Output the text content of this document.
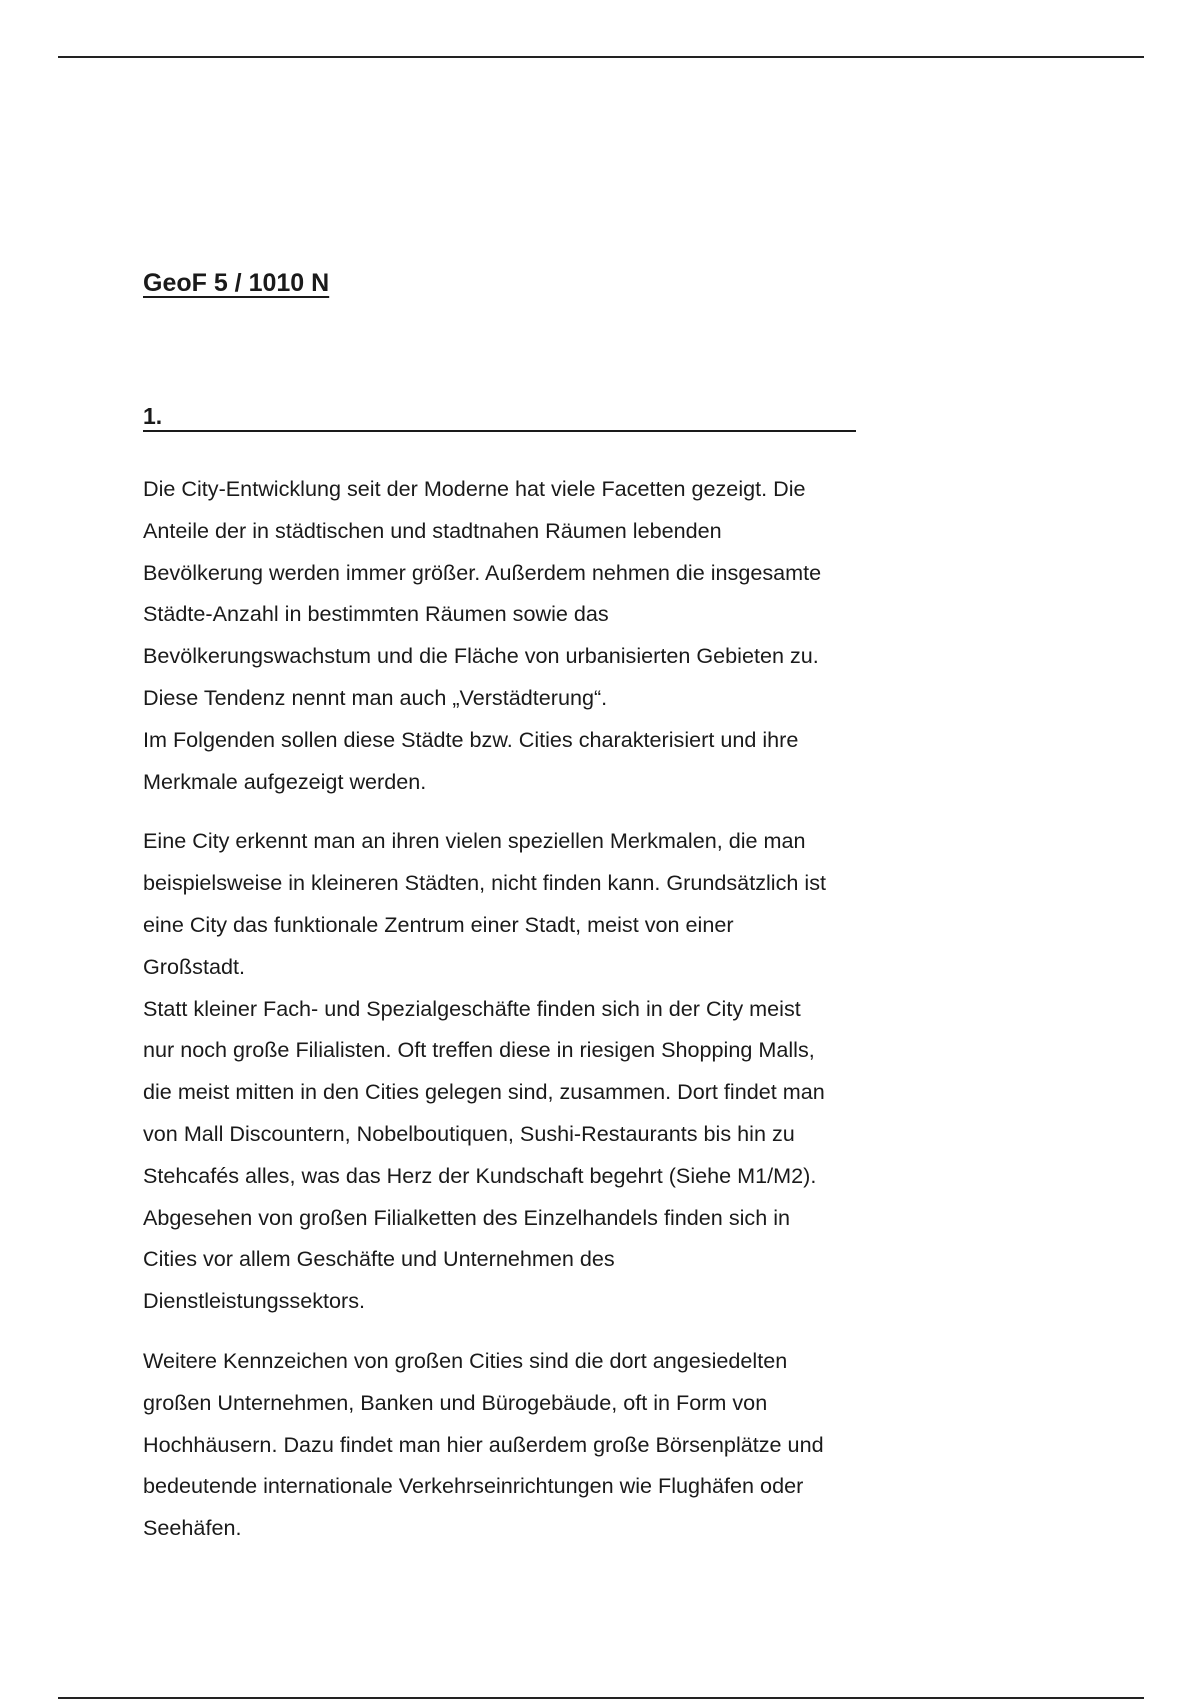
GeoF 5 / 1010 N
1.

Die City-Entwicklung seit der Moderne hat viele Facetten gezeigt. Die
Anteile der in städtischen und stadtnahen Räumen lebenden
Bevölkerung werden immer größer. Außerdem nehmen die insgesamte
Städte-Anzahl in bestimmten Räumen sowie das
Bevölkerungswachstum und die Fläche von urbanisierten Gebieten zu.
Diese Tendenz nennt man auch „Verstädterung“.
Im Folgenden sollen diese Städte bzw. Cities charakterisiert und ihre
Merkmale aufgezeigt werden.

Eine City erkennt man an ihren vielen speziellen Merkmalen, die man
beispielsweise in kleineren Städten, nicht finden kann. Grundsätzlich ist
eine City das funktionale Zentrum einer Stadt, meist von einer
Großstadt.
Statt kleiner Fach- und Spezialgeschäfte finden sich in der City meist
nur noch große Filialisten. Oft treffen diese in riesigen Shopping Malls,
die meist mitten in den Cities gelegen sind, zusammen. Dort findet man
von Mall Discountern, Nobelboutiquen, Sushi-Restaurants bis hin zu
Stehcafés alles, was das Herz der Kundschaft begehrt (Siehe M1/M2).
Abgesehen von großen Filialketten des Einzelhandels finden sich in
Cities vor allem Geschäfte und Unternehmen des
Dienstleistungssektors.

Weitere Kennzeichen von großen Cities sind die dort angesiedelten
großen Unternehmen, Banken und Bürogebäude, oft in Form von
Hochhäusern. Dazu findet man hier außerdem große Börsenplätze und
bedeutende internationale Verkehrseinrichtungen wie Flughäfen oder
Seehäfen.
